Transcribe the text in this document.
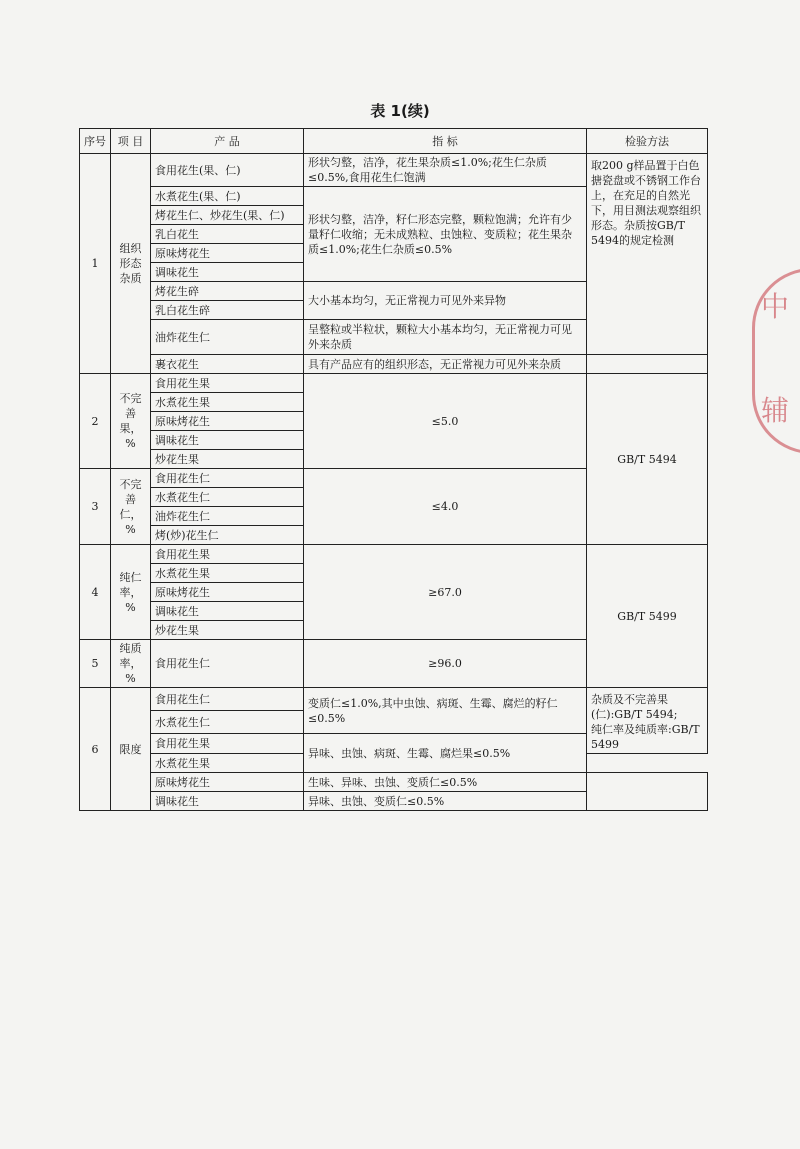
表 1(续)
序号	项 目	产 品	指 标	检验方法
1	组织形态杂质	食用花生(果、仁)	形状匀整，洁净，花生果杂质≤1.0%;花生仁杂质≤0.5%,食用花生仁饱满	取200 g样品置于白色搪瓷盘或不锈钢工作台上，在充足的自然光下，用目测法观察组织形态。杂质按GB/T 5494的规定检测
		水煮花生(果、仁)	形状匀整，洁净，籽仁形态完整，颗粒饱满；允许有少量籽仁收缩；无未成熟粒、虫蚀粒、变质粒；花生果杂质≤1.0%;花生仁杂质≤0.5%	
		烤花生仁、炒花生(果、仁)		
		乳白花生		
		原味烤花生		
		调味花生		
		烤花生碎	大小基本均匀，无正常视力可见外来异物	
		乳白花生碎		
		油炸花生仁	呈整粒或半粒状，颗粒大小基本均匀，无正常视力可见外来杂质	
		裹衣花生	具有产品应有的组织形态，无正常视力可见外来杂质	
2	不完善果，%	食用花生果	≤5.0	GB/T 5494
		水煮花生果		
		原味烤花生		
		调味花生		
		炒花生果		
3	不完善仁，%	食用花生仁	≤4.0	
		水煮花生仁		
		油炸花生仁		
		烤(炒)花生仁		
4	纯仁率，%	食用花生果	≥67.0	GB/T 5499
		水煮花生果		
		原味烤花生		
		调味花生		
		炒花生果		
5	纯质率，%	食用花生仁	≥96.0	
6	限度	食用花生仁	变质仁≤1.0%,其中虫蚀、病斑、生霉、腐烂的籽仁≤0.5%	杂质及不完善果(仁):GB/T 5494;
纯仁率及纯质率:GB/T 5499

		水煮花生仁		
		食用花生果	异味、虫蚀、病斑、生霉、腐烂果≤0.5%	
		水煮花生果		
		原味烤花生	生味、异味、虫蚀、变质仁≤0.5%	
		调味花生	异味、虫蚀、变质仁≤0.5%	
中
辅
